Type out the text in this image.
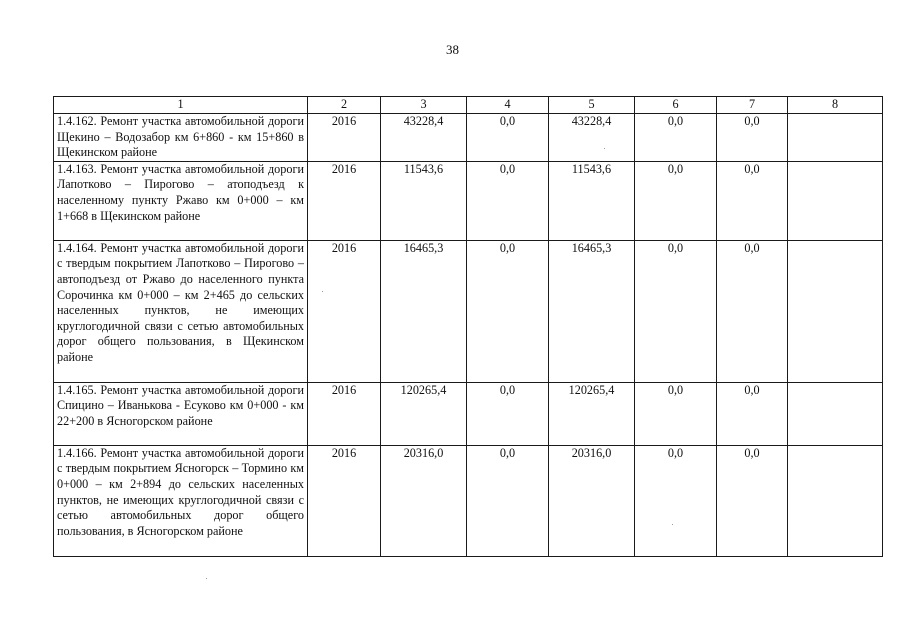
38
1	2	3	4	5	6	7	8
1.4.162. Ремонт участка автомобильной дороги Щекино – Водозабор км 6+860 - км 15+860 в Щекинском районе	2016	43228,4	0,0	43228,4	0,0	0,0	
1.4.163. Ремонт участка автомобильной дороги Лапотково – Пирогово – атоподъезд к населенному пункту Ржаво км 0+000 – км 1+668 в Щекинском районе	2016	11543,6	0,0	11543,6	0,0	0,0	
1.4.164. Ремонт участка автомобильной дороги с твердым покрытием Лапотково – Пирогово – автоподъезд от Ржаво до населенного пункта Сорочинка км 0+000 – км 2+465 до сельских населенных пунктов, не имеющих круглогодичной связи с сетью автомобильных дорог общего пользования, в Щекинском районе	2016	16465,3	0,0	16465,3	0,0	0,0	
1.4.165. Ремонт участка автомобильной дороги Спицино – Иванькова - Есуково км 0+000 - км 22+200 в Ясногорском районе	2016	120265,4	0,0	120265,4	0,0	0,0	
1.4.166. Ремонт участка автомобильной дороги с твердым покрытием Ясногорск – Тормино км 0+000 – км 2+894 до сельских населенных пунктов, не имеющих круглогодичной связи с сетью автомобильных дорог общего пользования, в Ясногорском районе	2016	20316,0	0,0	20316,0	0,0	0,0	
